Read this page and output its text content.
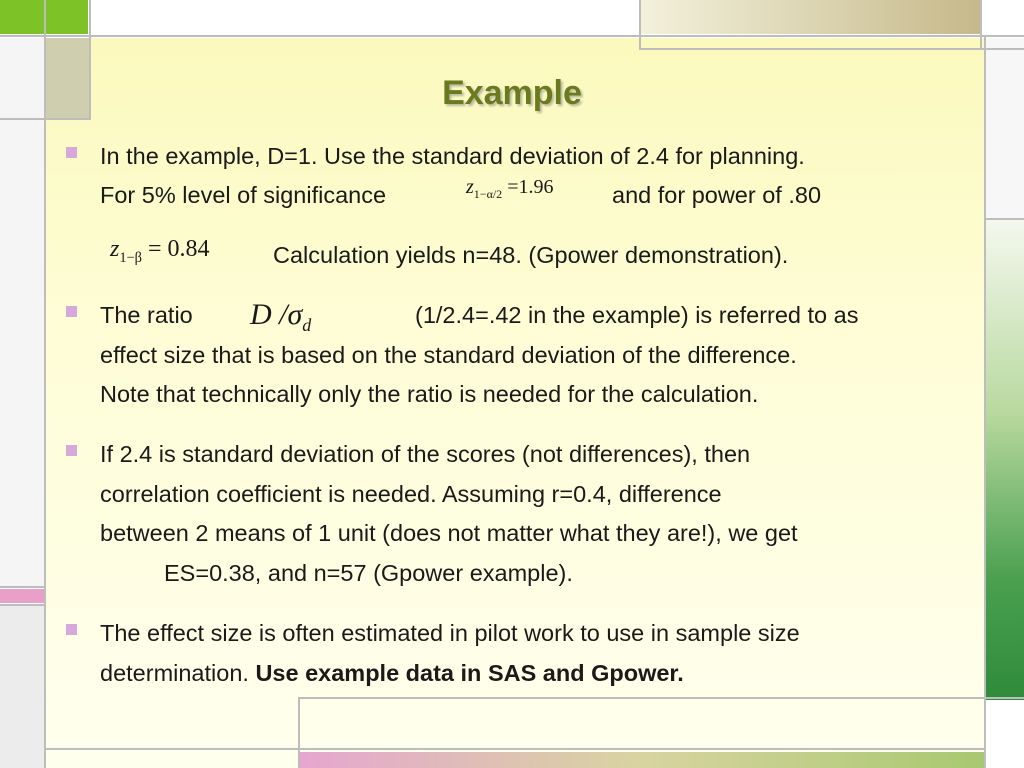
Example
In the example, D=1. Use the standard deviation of 2.4 for planning.
For 5% level of significance	$z_{1-\alpha/2} =1.96$ and for power of .80
$z_{1-\beta} = 0.84$	Calculation yields n=48. (Gpower demonstration).
The ratio D $/\sigma_d$	(1/2.4=.42 in the example) is referred to as
effect size that is based on the standard deviation of the difference.
Note that technically only the ratio is needed for the calculation.
If 2.4 is standard deviation of the scores (not differences), then
correlation coefficient is needed. Assuming r=0.4, difference
between 2 means of 1 unit (does not matter what they are!), we get
ES=0.38, and n=57 (Gpower example).
The effect size is often estimated in pilot work to use in sample size
determination. Use example data in SAS and Gpower.
